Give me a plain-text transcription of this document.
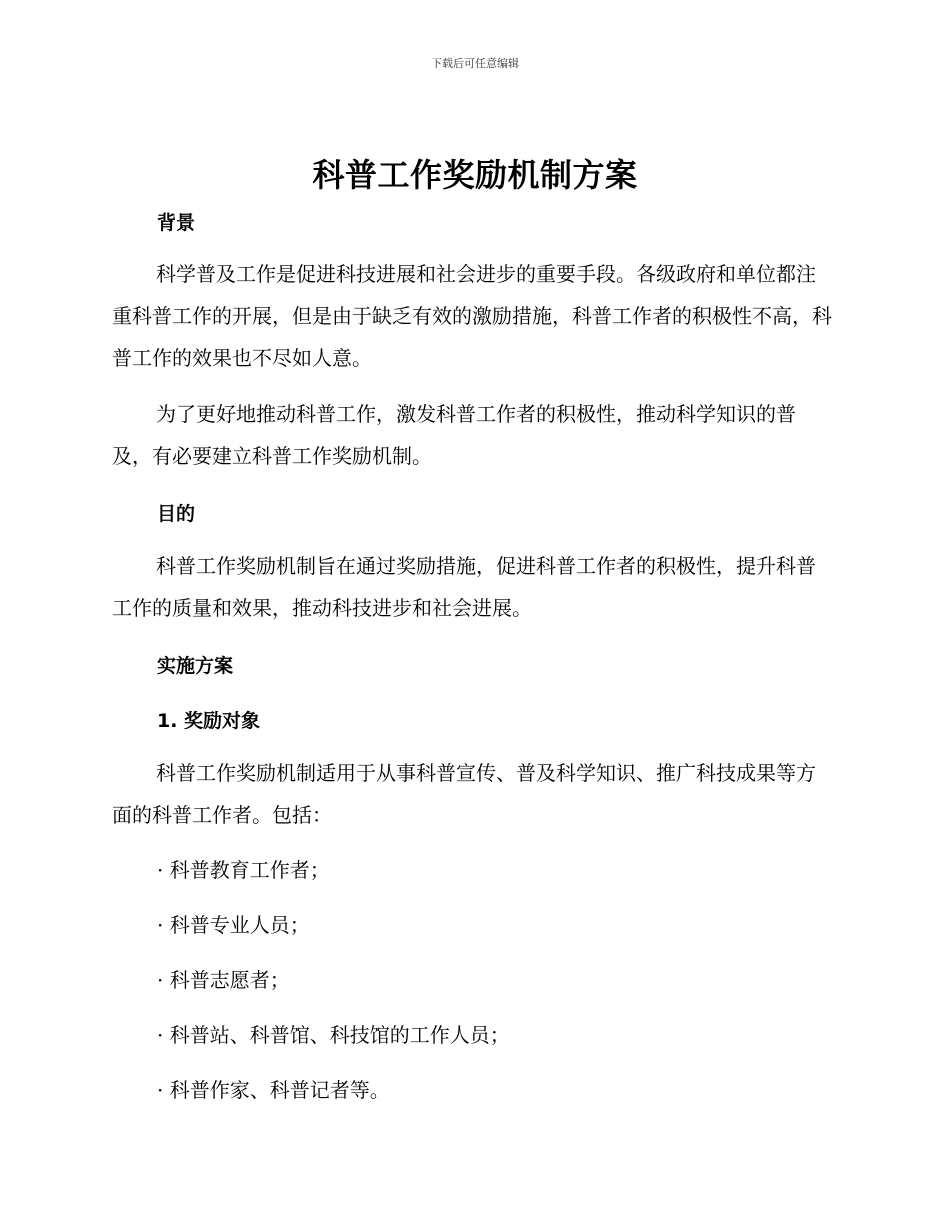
下载后可任意编辑
科普工作奖励机制方案
背景
科学普及工作是促进科技进展和社会进步的重要手段。各级政府和单位都注重科普工作的开展，但是由于缺乏有效的激励措施，科普工作者的积极性不高，科普工作的效果也不尽如人意。
为了更好地推动科普工作，激发科普工作者的积极性，推动科学知识的普及，有必要建立科普工作奖励机制。
目的
科普工作奖励机制旨在通过奖励措施，促进科普工作者的积极性，提升科普工作的质量和效果，推动科技进步和社会进展。
实施方案
1. 奖励对象
科普工作奖励机制适用于从事科普宣传、普及科学知识、推广科技成果等方面的科普工作者。包括：
· 科普教育工作者；
· 科普专业人员；
· 科普志愿者；
· 科普站、科普馆、科技馆的工作人员；
· 科普作家、科普记者等。
